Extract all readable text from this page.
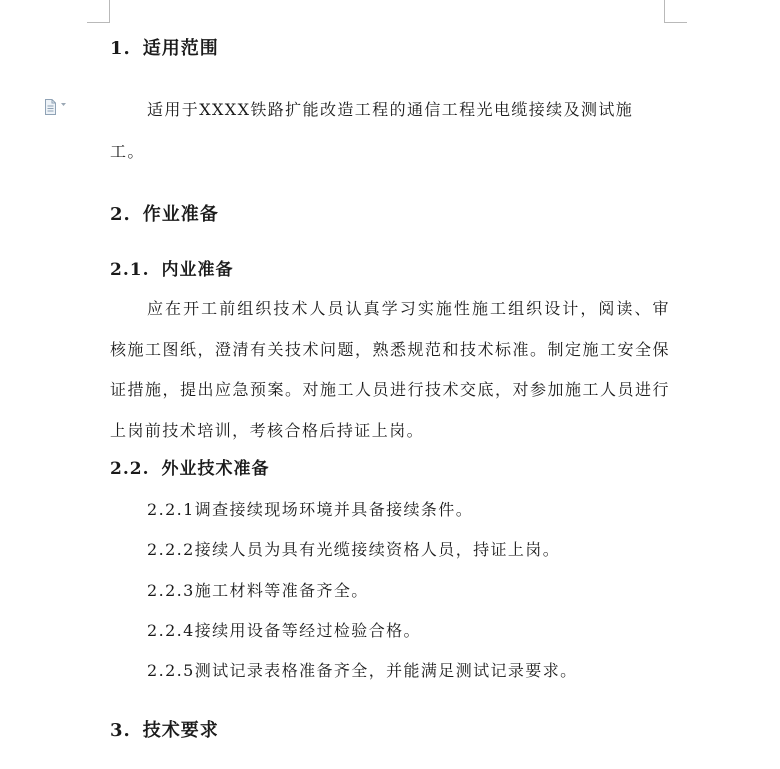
1. 适用范围
适用于XXXX铁路扩能改造工程的通信工程光电缆接续及测试施
工。
2. 作业准备
2.1. 内业准备
应在开工前组织技术人员认真学习实施性施工组织设计，阅读、审核施工图纸，澄清有关技术问题，熟悉规范和技术标准。制定施工安全保证措施，提出应急预案。对施工人员进行技术交底，对参加施工人员进行上岗前技术培训，考核合格后持证上岗。
2.2. 外业技术准备
2.2.1调查接续现场环境并具备接续条件。
2.2.2接续人员为具有光缆接续资格人员，持证上岗。
2.2.3施工材料等准备齐全。
2.2.4接续用设备等经过检验合格。
2.2.5测试记录表格准备齐全，并能满足测试记录要求。
3. 技术要求
